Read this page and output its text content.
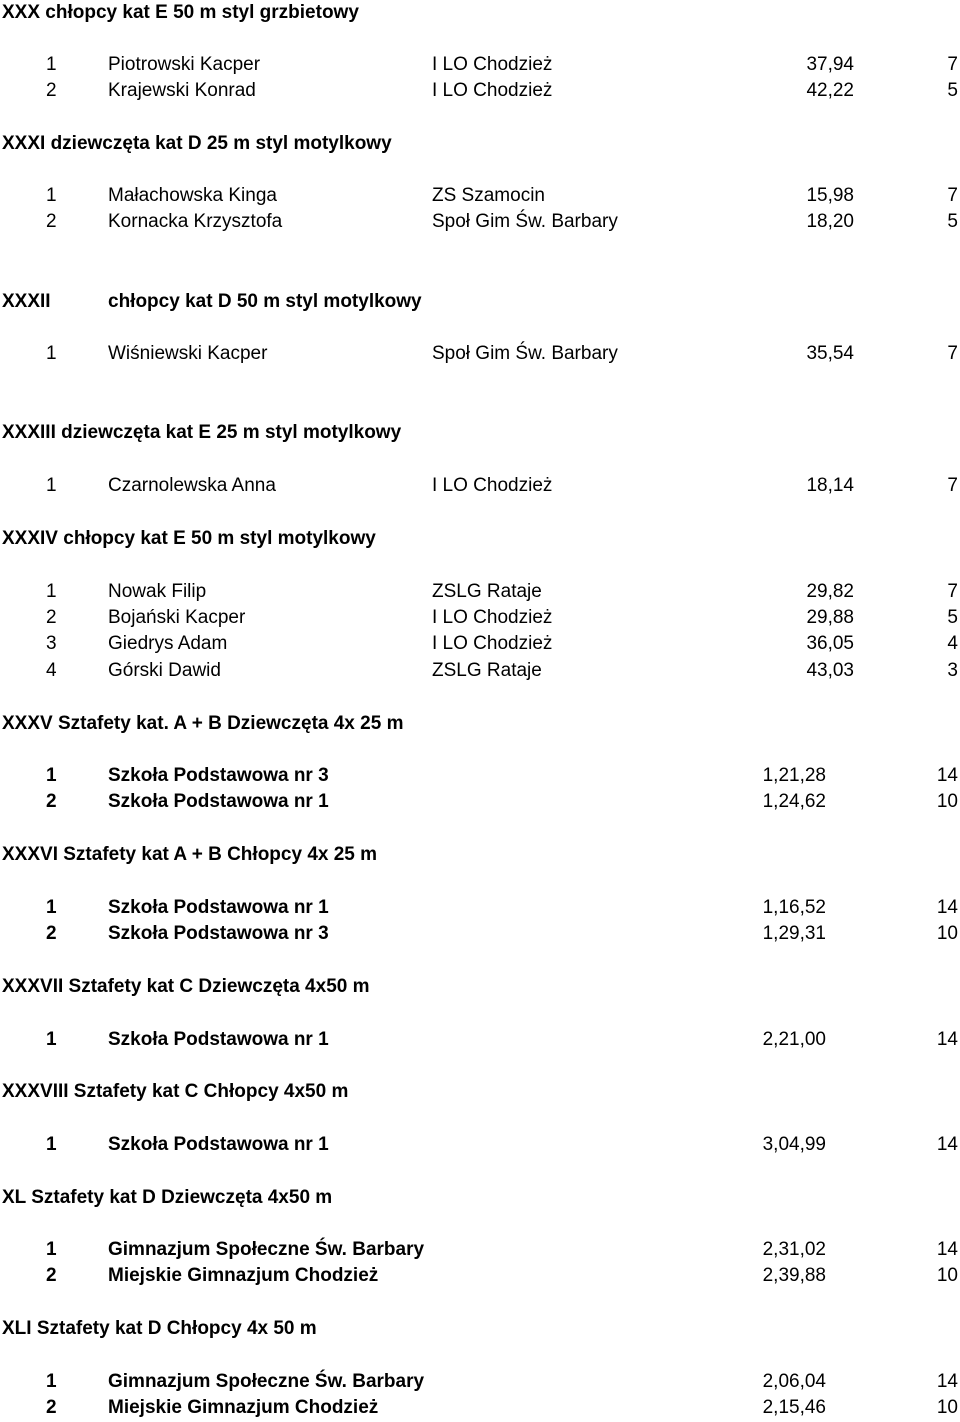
XXX chłopcy kat E 50 m styl grzbietowy
1	Piotrowski Kacper	I LO Chodzież	37,94	7
2	Krajewski Konrad	I LO Chodzież	42,22	5
XXXI dziewczęta kat D 25 m styl motylkowy
1	Małachowska Kinga	ZS Szamocin	15,98	7
2	Kornacka Krzysztofa	Społ Gim Św. Barbary	18,20	5
XXXII	chłopcy kat D 50 m styl motylkowy
1	Wiśniewski Kacper	Społ Gim Św. Barbary	35,54	7
XXXIII dziewczęta kat E 25 m styl motylkowy
1	Czarnolewska Anna	I LO Chodzież	18,14	7
XXXIV chłopcy kat E 50 m styl motylkowy
1	Nowak Filip	ZSLG Rataje	29,82	7
2	Bojański Kacper	I LO Chodzież	29,88	5
3	Giedrys Adam	I LO Chodzież	36,05	4
4	Górski Dawid	ZSLG Rataje	43,03	3
XXXV Sztafety kat. A + B Dziewczęta 4x 25 m
1	Szkoła Podstawowa nr 3	1,21,28	14
2	Szkoła Podstawowa nr 1	1,24,62	10
XXXVI Sztafety kat A + B Chłopcy 4x 25 m
1	Szkoła Podstawowa nr 1	1,16,52	14
2	Szkoła Podstawowa nr 3	1,29,31	10
XXXVII Sztafety kat C Dziewczęta 4x50 m
1	Szkoła Podstawowa nr 1	2,21,00	14
XXXVIII Sztafety kat C Chłopcy 4x50 m
1	Szkoła Podstawowa nr 1	3,04,99	14
XL Sztafety kat D Dziewczęta 4x50 m
1	Gimnazjum Społeczne Św. Barbary	2,31,02	14
2	Miejskie Gimnazjum Chodzież	2,39,88	10
XLI Sztafety kat D Chłopcy 4x 50 m
1	Gimnazjum Społeczne Św. Barbary	2,06,04	14
2	Miejskie Gimnazjum Chodzież	2,15,46	10
